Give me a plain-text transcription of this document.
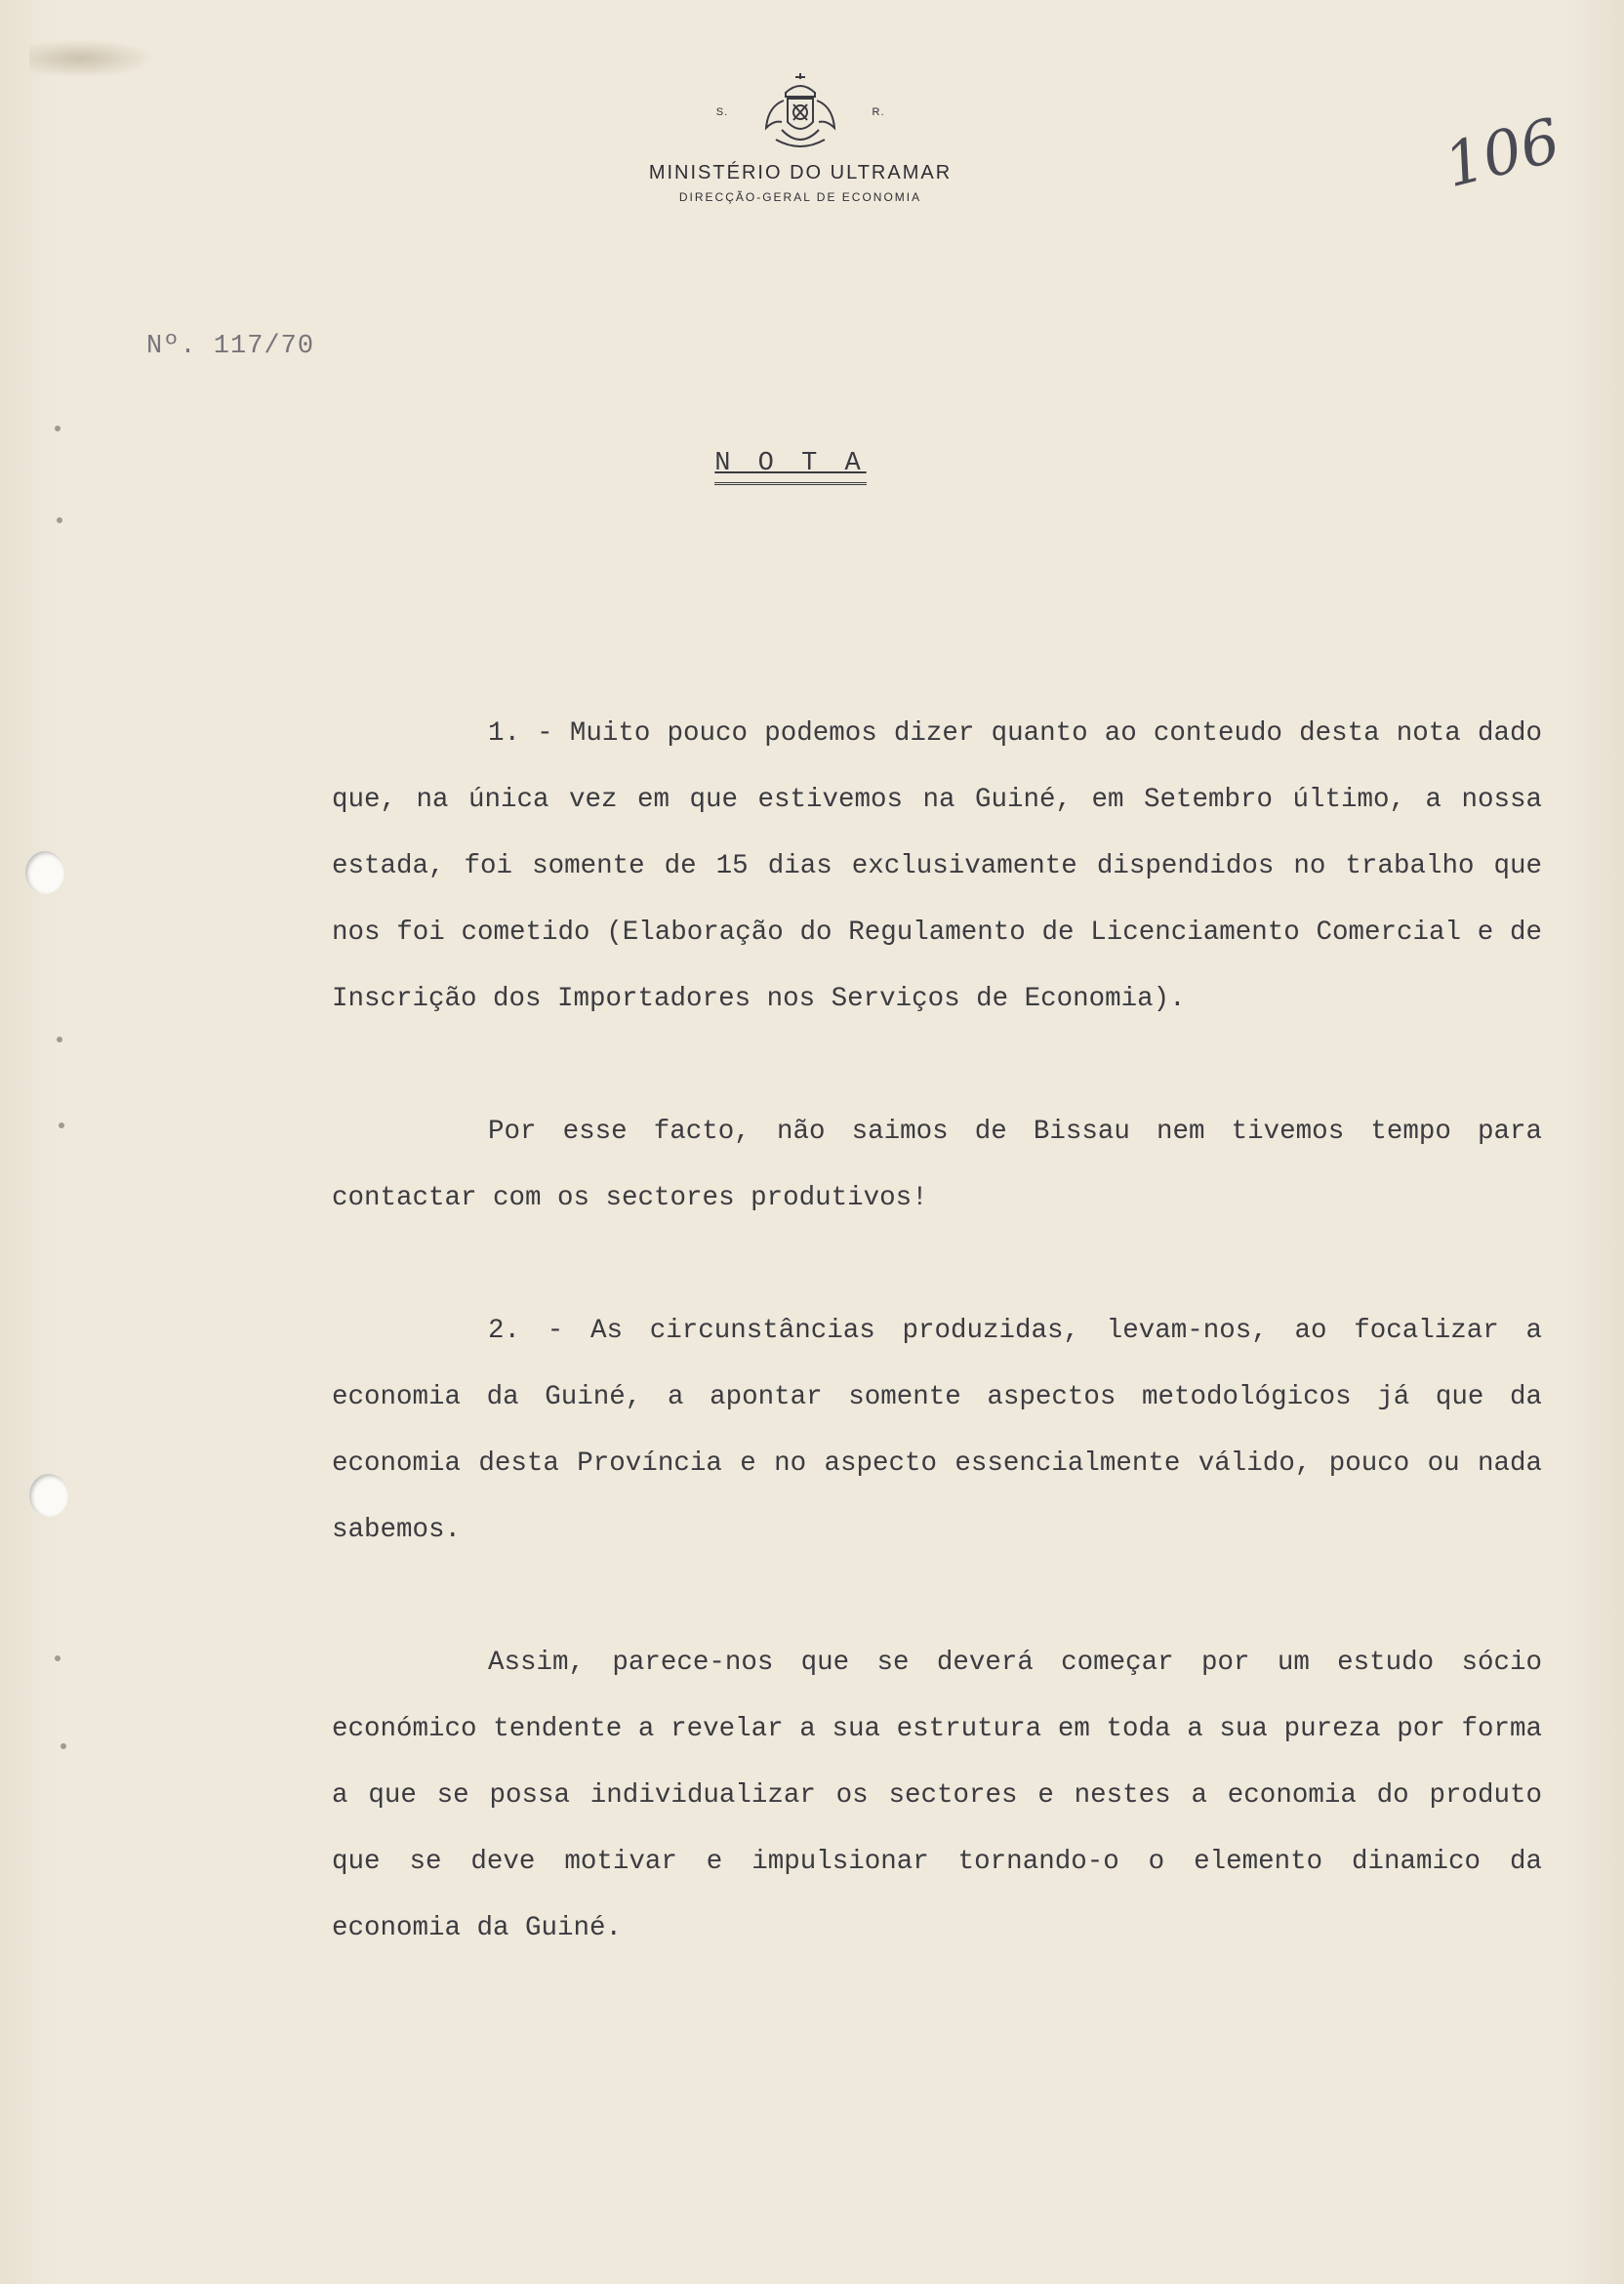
S.	R.
MINISTÉRIO DO ULTRAMAR
DIRECÇÃO-GERAL DE ECONOMIA	106
Nº. 117/70
N O T A
1. - Muito pouco podemos dizer quanto ao conteudo desta nota dado que, na única vez em que estivemos na Guiné, em Setembro último, a nossa estada, foi somente de 15 dias exclusivamente dispendidos no trabalho que nos foi cometido (Elaboração do Regulamento de Licenciamento Comercial e de Inscrição dos Importadores nos Serviços de Economia).
Por esse facto, não saimos de Bissau nem tivemos tempo para contactar com os sectores produtivos!
2. - As circunstâncias produzidas, levam-nos, ao focalizar a economia da Guiné, a apontar somente aspectos metodológicos já que da economia desta Província e no aspecto essencialmente válido, pouco ou nada sabemos.
Assim, parece-nos que se deverá começar por um estudo sócio económico tendente a revelar a sua estrutura em toda a sua pureza por forma a que se possa individualizar os sectores e nestes a economia do produto que se deve motivar e impulsionar tornando-o o elemento dinamico da economia da Guiné.
